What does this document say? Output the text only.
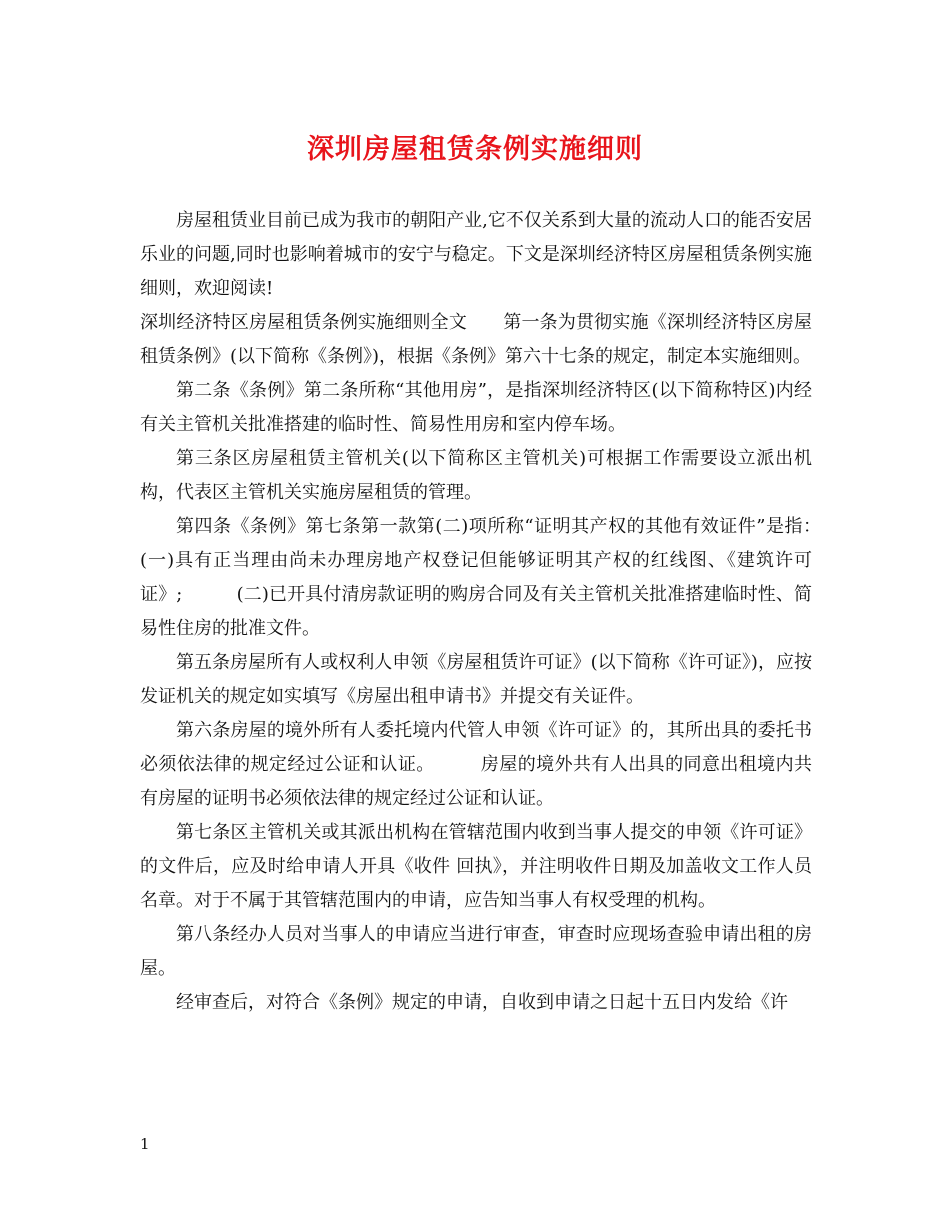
深圳房屋租赁条例实施细则

房屋租赁业目前已成为我市的朝阳产业,它不仅关系到大量的流动人口的能否安居乐业的问题,同时也影响着城市的安宁与稳定。下文是深圳经济特区房屋租赁条例实施细则，欢迎阅读!

深圳经济特区房屋租赁条例实施细则全文　　第一条为贯彻实施《深圳经济特区房屋租赁条例》(以下简称《条例》)，根据《条例》第六十七条的规定，制定本实施细则。

第二条《条例》第二条所称“其他用房”，是指深圳经济特区(以下简称特区)内经有关主管机关批准搭建的临时性、简易性用房和室内停车场。

第三条区房屋租赁主管机关(以下简称区主管机关)可根据工作需要设立派出机构，代表区主管机关实施房屋租赁的管理。

第四条《条例》第七条第一款第(二)项所称“证明其产权的其他有效证件”是指：　　　(一)具有正当理由尚未办理房地产权登记但能够证明其产权的红线图、《建筑许可证》;　　　(二)已开具付清房款证明的购房合同及有关主管机关批准搭建临时性、简易性住房的批准文件。

第五条房屋所有人或权利人申领《房屋租赁许可证》(以下简称《许可证》)，应按发证机关的规定如实填写《房屋出租申请书》并提交有关证件。

第六条房屋的境外所有人委托境内代管人申领《许可证》的，其所出具的委托书必须依法律的规定经过公证和认证。　　　房屋的境外共有人出具的同意出租境内共有房屋的证明书必须依法律的规定经过公证和认证。

第七条区主管机关或其派出机构在管辖范围内收到当事人提交的申领《许可证》的文件后，应及时给申请人开具《收件 回执》，并注明收件日期及加盖收文工作人员名章。对于不属于其管辖范围内的申请，应告知当事人有权受理的机构。

第八条经办人员对当事人的申请应当进行审查，审查时应现场查验申请出租的房屋。

经审查后，对符合《条例》规定的申请，自收到申请之日起十五日内发给《许

1
